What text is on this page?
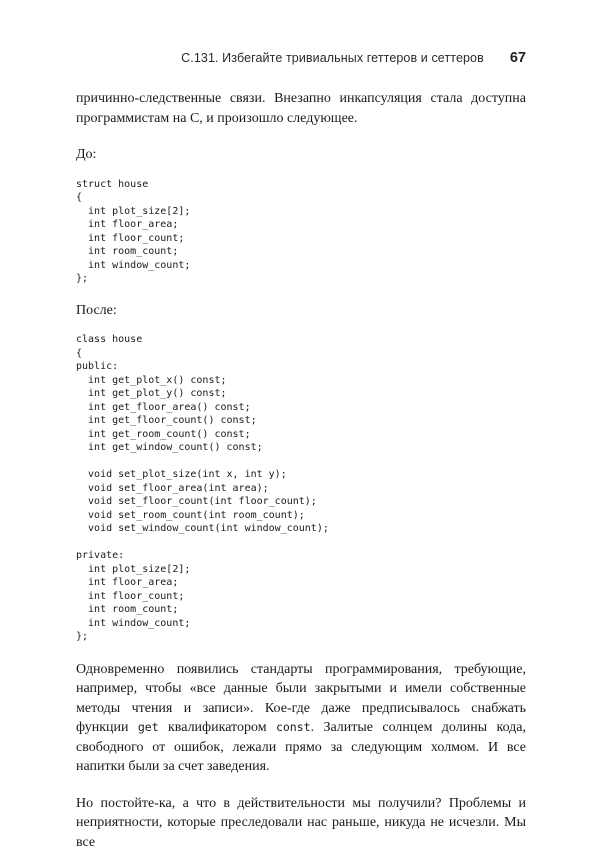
С.131. Избегайте тривиальных геттеров и сеттеров 67

причинно-следственные связи. Внезапно инкапсуляция стала доступна программистам на С, и произошло следующее.

До:

struct house
{
int plot_size[2];
int floor_area;
int floor_count;
int room_count;
int window_count;
};

После:

class house
{
public:
int get_plot_x() const;
int get_plot_y() const;
int get_floor_area() const;
int get_floor_count() const;
int get_room_count() const;
int get_window_count() const;

void set_plot_size(int x, int y);
void set_floor_area(int area);
void set_floor_count(int floor_count);
void set_room_count(int room_count);
void set_window_count(int window_count);

private:
int plot_size[2];
int floor_area;
int floor_count;
int room_count;
int window_count;
};

Одновременно появились стандарты программирования, требующие, например, чтобы «все данные были закрытыми и имели собственные методы чтения и записи». Кое-где даже предписывалось снабжать функции get квалификатором const. Залитые солнцем долины кода, свободного от ошибок, лежали прямо за следующим холмом. И все напитки были за счет заведения.

Но постойте-ка, а что в действительности мы получили? Проблемы и неприятности, которые преследовали нас раньше, никуда не исчезли. Мы все
